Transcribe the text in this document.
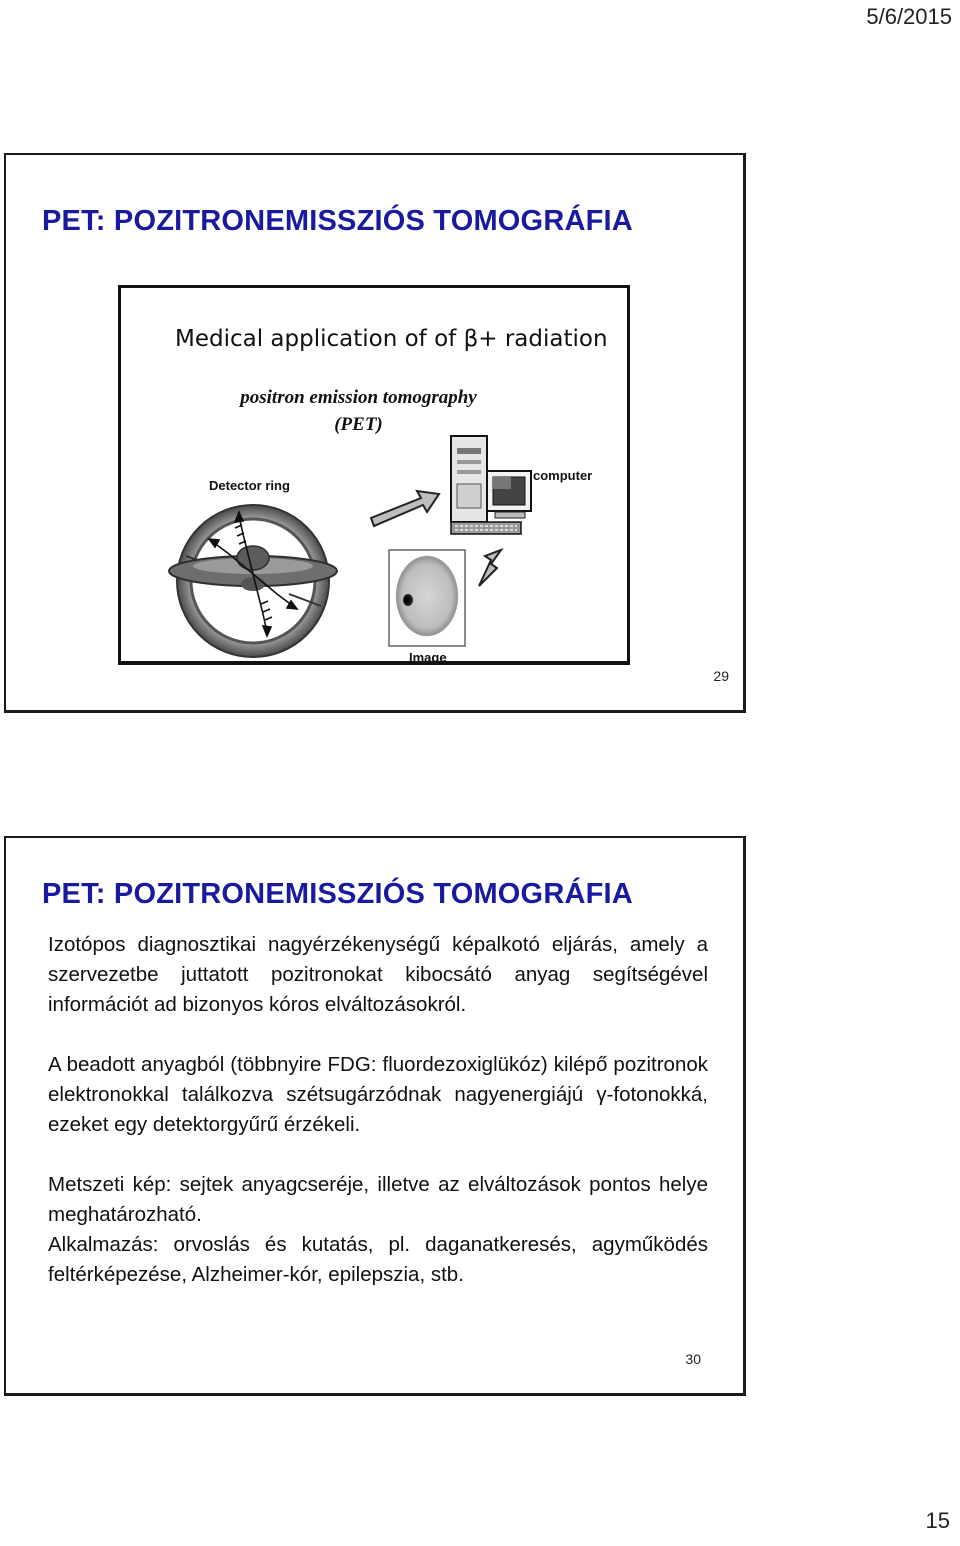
5/6/2015
PET: POZITRONEMISSZIÓS TOMOGRÁFIA
Medical application of of β+ radiation
positron emission tomography
(PET)
Detector ring
computer
Image
29
PET: POZITRONEMISSZIÓS TOMOGRÁFIA

Izotópos diagnosztikai nagyérzékenységű képalkotó eljárás, amely a szervezetbe juttatott pozitronokat kibocsátó anyag segítségével információt ad bizonyos kóros elváltozásokról.

A beadott anyagból (többnyire FDG: fluordezoxiglükóz) kilépő pozitronok elektronokkal találkozva szétsugárzódnak nagyenergiájú γ-fotonokká, ezeket egy detektorgyűrű érzékeli.

Metszeti kép: sejtek anyagcseréje, illetve az elváltozások pontos helye meghatározható.

Alkalmazás: orvoslás és kutatás, pl. daganatkeresés, agyműködés feltérképezése, Alzheimer-kór, epilepszia, stb.

30
15
